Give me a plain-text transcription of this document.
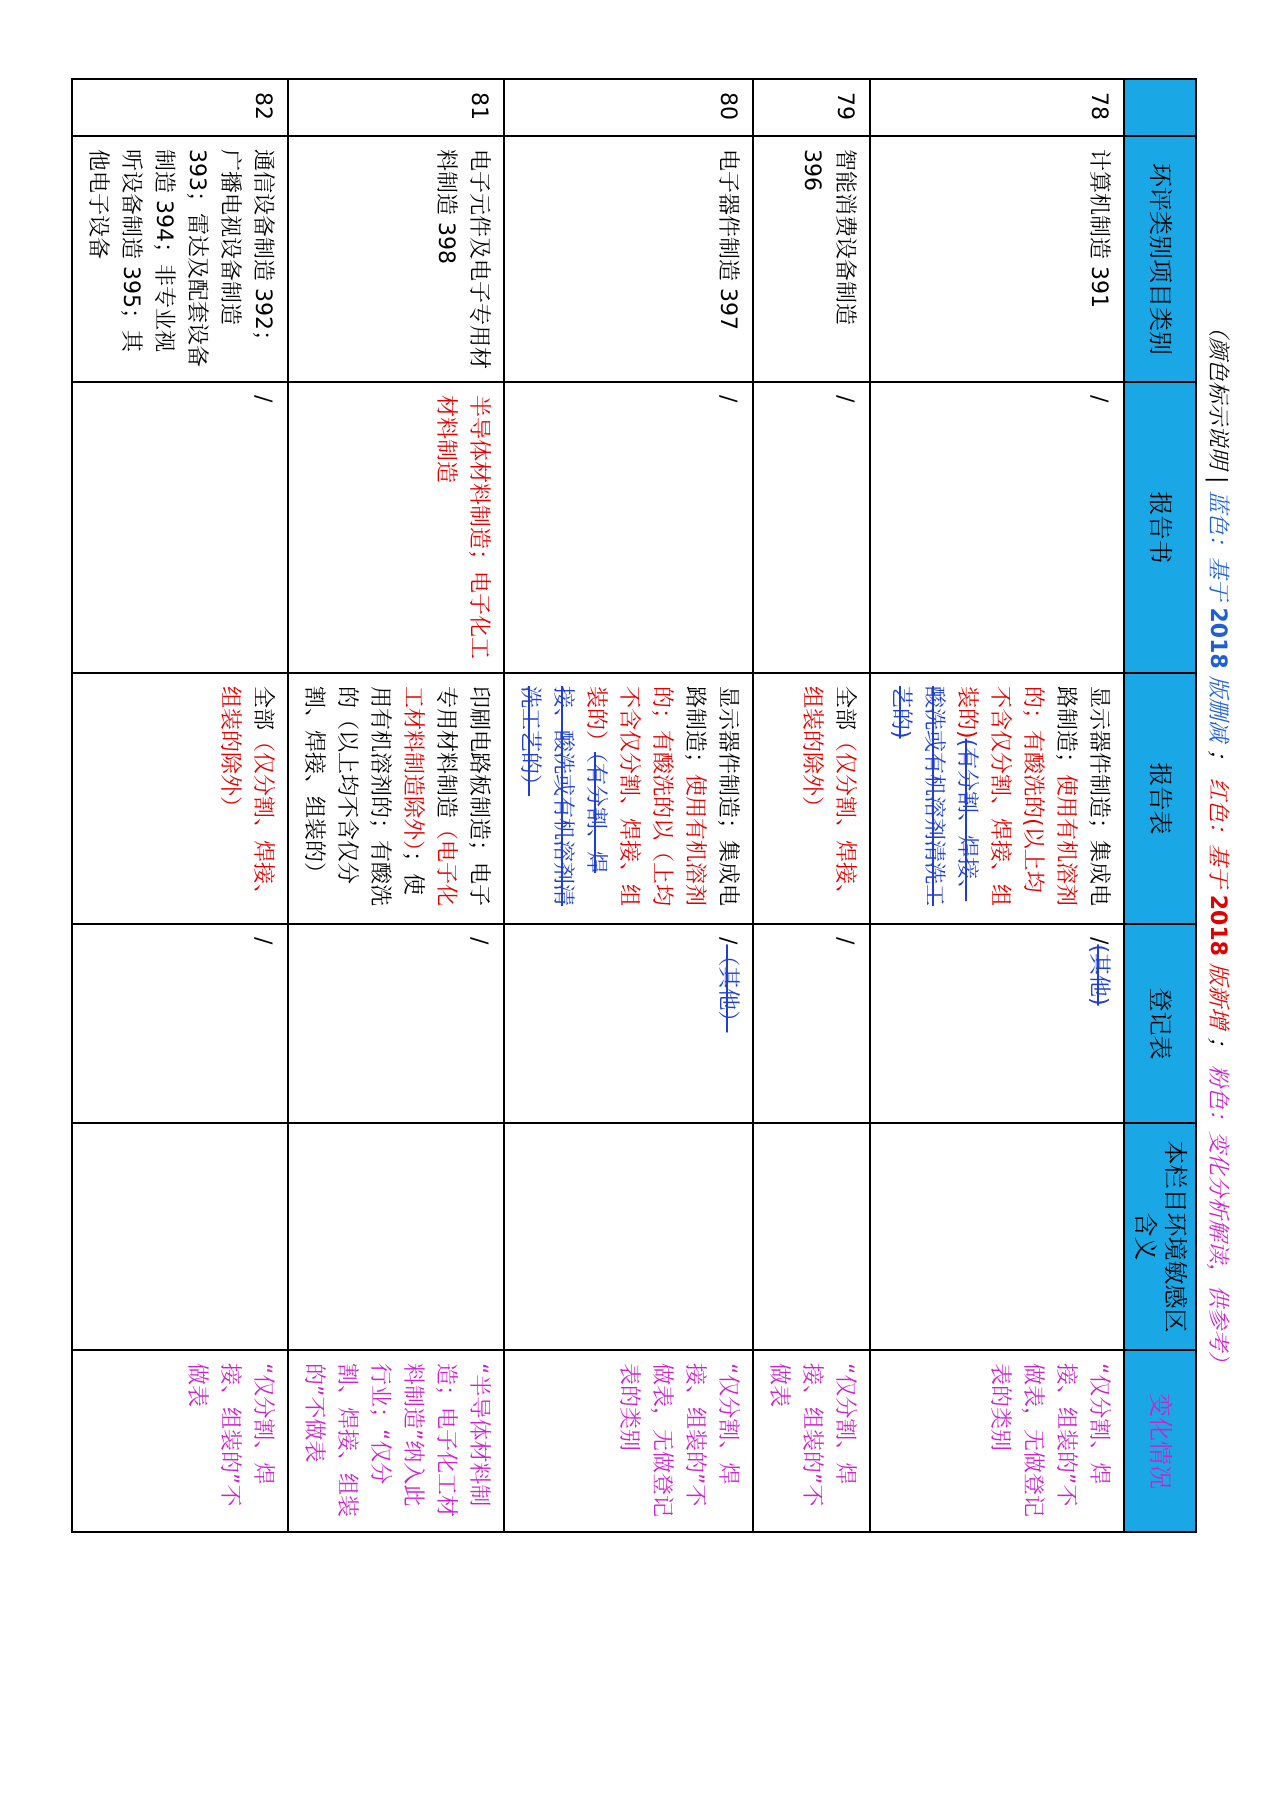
（颜色标示说明 | 蓝色：基于 2018 版删减 ； 红色：基于 2018 版新增 ； 粉色：变化分析解读，供参考）
	环评类别项目类别	报告书	报告表	登记表	本栏目环境敏感区含义	变化情况
78	计算机制造 391	/	显示器件制造；集成电路制造；使用有机溶剂的；有酸洗的(以上均不含仅分割、焊接、组装的)(有分割、焊接、酸洗或有机溶剂清洗工艺的)	/(其他)		“仅分割、焊接、组装的”不做表，无做登记表的类别
79	智能消费设备制造 396	/	全部（仅分割、焊接、组装的除外）	/		“仅分割、焊接、组装的”不做表
80	电子器件制造 397	/	显示器件制造；集成电路制造；使用有机溶剂的；有酸洗的以（上均不含仅分割、焊接、组装的）（有分割、焊接、酸洗或有机溶剂清洗工艺的）	/（其他）		“仅分割、焊接、组装的”不做表，无做登记表的类别
81	电子元件及电子专用材料制造 398	半导体材料制造；电子化工材料制造	印刷电路板制造；电子专用材料制造（电子化工材料制造除外）；使用有机溶剂的；有酸洗的（以上均不含仅分割、焊接、组装的）	/		“半导体材料制造；电子化工材料制造”纳入此行业；“仅分割、焊接、组装的”不做表
82	通信设备制造 392；广播电视设备制造 393；雷达及配套设备制造 394；非专业视听设备制造 395；其他电子设备	/	全部（仅分割、焊接、组装的除外）	/		“仅分割、焊接、组装的”不做表
